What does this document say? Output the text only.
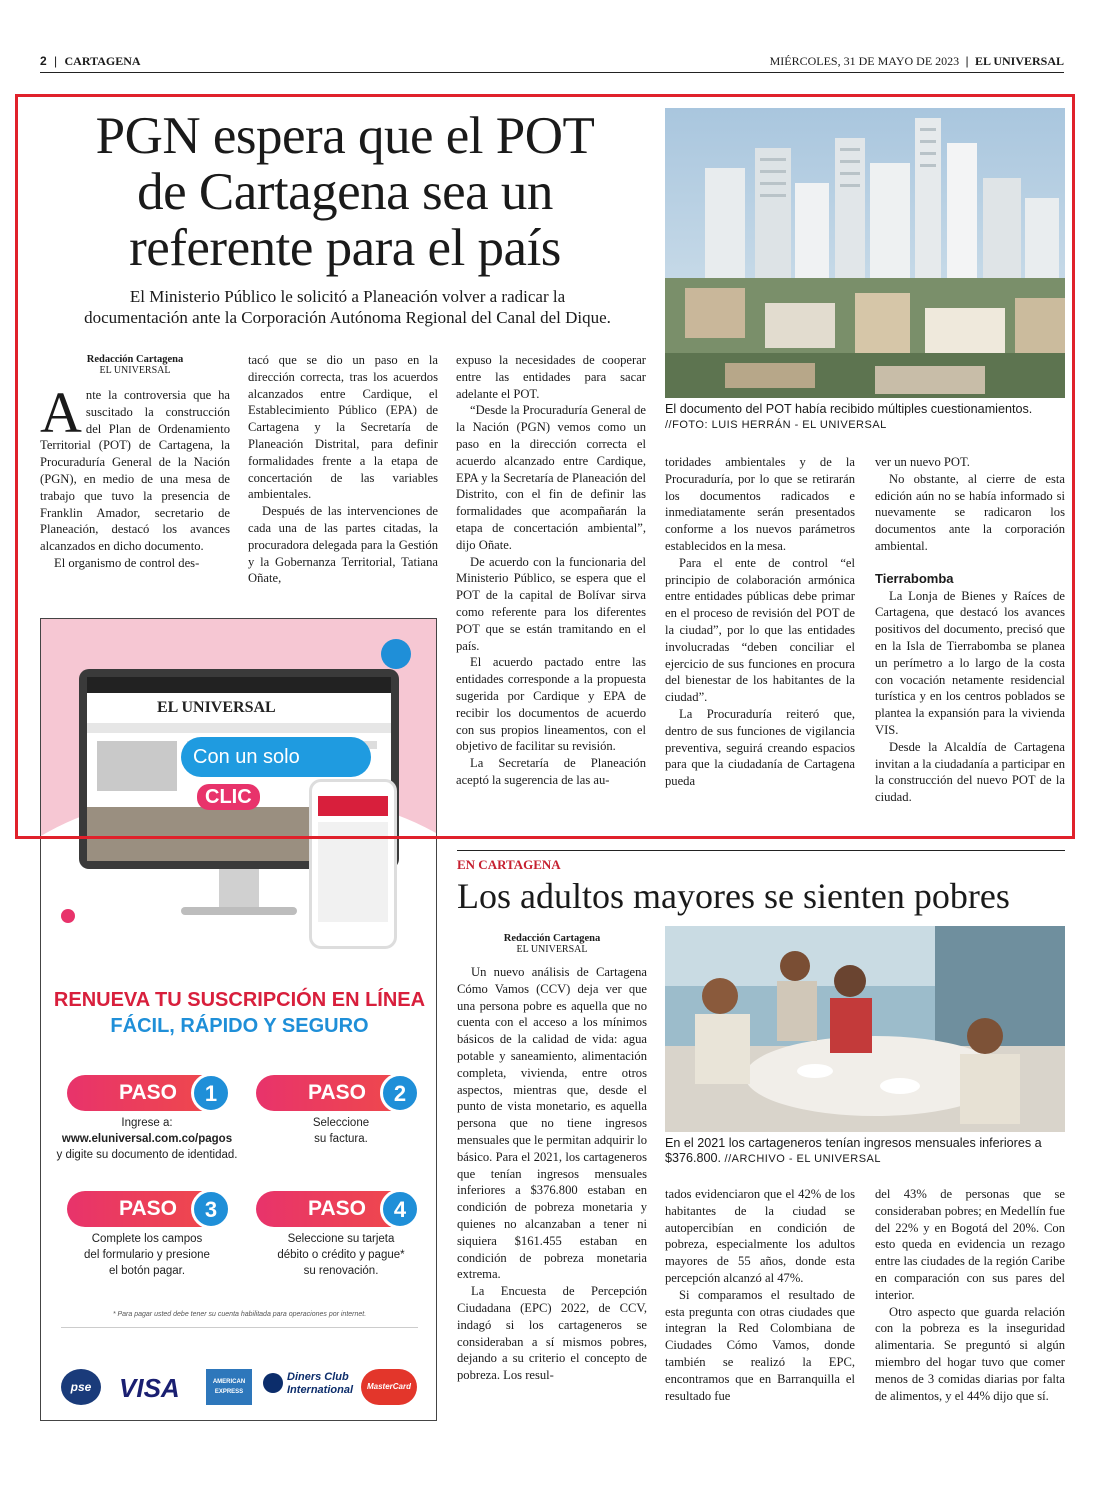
2 | CARTAGENA	MIÉRCOLES, 31 DE MAYO DE 2023 | EL UNIVERSAL
PGN espera que el POT
de Cartagena sea un
referente para el país
El Ministerio Público le solicitó a Planeación volver a radicar la
documentación ante la Corporación Autónoma Regional del Canal del Dique.
El documento del POT había recibido múltiples cuestionamientos.
//FOTO: LUIS HERRÁN - EL UNIVERSAL
Redacción Cartagena
EL UNIVERSAL

Ante la controversia que ha suscitado la construcción del Plan de Ordenamiento Territorial (POT) de Cartagena, la Procuraduría General de la Nación (PGN), en medio de una mesa de trabajo que tuvo la presencia de Franklin Amador, secretario de Planeación, destacó los avances alcanzados en dicho documento.

El organismo de control des-

tacó que se dio un paso en la dirección correcta, tras los acuerdos alcanzados entre Cardique, el Establecimiento Público (EPA) de Cartagena y la Secretaría de Planeación Distrital, para definir formalidades frente a la etapa de concertación de las variables ambientales.

Después de las intervenciones de cada una de las partes citadas, la procuradora delegada para la Gestión y la Gobernanza Territorial, Tatiana Oñate,

expuso la necesidades de cooperar entre las entidades para sacar adelante el POT.

“Desde la Procuraduría General de la Nación (PGN) vemos como un paso en la dirección correcta el acuerdo alcanzado entre Cardique, EPA y la Secretaría de Planeación del Distrito, con el fin de definir las formalidades que acompañarán la etapa de concertación ambiental”, dijo Oñate.

De acuerdo con la funcionaria del Ministerio Público, se espera que el POT de la capital de Bolívar sirva como referente para los diferentes POT que se están tramitando en el país.

El acuerdo pactado entre las entidades corresponde a la propuesta sugerida por Cardique y EPA de recibir los documentos de acuerdo con sus propios lineamentos, con el objetivo de facilitar su revisión.

La Secretaría de Planeación aceptó la sugerencia de las au-

toridades ambientales y de la Procuraduría, por lo que se retirarán los documentos radicados e inmediatamente serán presentados conforme a los nuevos parámetros establecidos en la mesa.

Para el ente de control “el principio de colaboración armónica entre entidades públicas debe primar en el proceso de revisión del POT de la ciudad”, por lo que las entidades involucradas “deben conciliar el ejercicio de sus funciones en procura del bienestar de los habitantes de la ciudad”.

La Procuraduría reiteró que, dentro de sus funciones de vigilancia preventiva, seguirá creando espacios para que la ciudadanía de Cartagena pueda

ver un nuevo POT.

No obstante, al cierre de esta edición aún no se había informado si nuevamente se radicaron los documentos ante la corporación ambiental.

Tierrabomba

La Lonja de Bienes y Raíces de Cartagena, que destacó los avances positivos del documento, precisó que en la Isla de Tierrabomba se planea un perímetro a lo largo de la costa con vocación netamente residencial turística y en los centros poblados se plantea la expansión para la vivienda VIS.

Desde la Alcaldía de Cartagena invitan a la ciudadanía a participar en la construcción del nuevo POT de la ciudad.

EL UNIVERSAL
Con un solo CLIC
RENUEVA TU SUSCRIPCIÓN EN LÍNEA
FÁCIL, RÁPIDO Y SEGURO
PASO	1	PASO	2
Ingrese a:
www.eluniversal.com.co/pagos
y digite su documento de identidad.
Seleccione
su factura.
PASO	3	PASO	4
Complete los campos
del formulario y presione
el botón pagar.
Seleccione su tarjeta
débito o crédito y pague*
su renovación.
* Para pagar usted debe tener su cuenta habilitada para operaciones por internet.
pse	VISA	AMERICAN EXPRESS
Diners Club International	MasterCard
EN CARTAGENA
Los adultos mayores se sienten pobres
Redacción Cartagena
EL UNIVERSAL

Un nuevo análisis de Cartagena Cómo Vamos (CCV) deja ver que una persona pobre es aquella que no cuenta con el acceso a los mínimos básicos de la calidad de vida: agua potable y saneamiento, alimentación completa, vivienda, entre otros aspectos, mientras que, desde el punto de vista monetario, es aquella persona que no tiene ingresos mensuales que le permitan adquirir lo básico. Para el 2021, los cartageneros que tenían ingresos mensuales inferiores a $376.800 estaban en condición de pobreza monetaria y quienes no alcanzaban a tener ni siquiera $161.455 estaban en condición de pobreza monetaria extrema.

La Encuesta de Percepción Ciudadana (EPC) 2022, de CCV, indagó si los cartageneros se consideraban a sí mismos pobres, dejando a su criterio el concepto de pobreza. Los resul-

En el 2021 los cartageneros tenían ingresos mensuales inferiores a
$376.800. //ARCHIVO - EL UNIVERSAL

tados evidenciaron que el 42% de los habitantes de la ciudad se autopercibían en condición de pobreza, especialmente los adultos mayores de 55 años, donde esta percepción alcanzó al 47%.

Si comparamos el resultado de esta pregunta con otras ciudades que integran la Red Colombiana de Ciudades Cómo Vamos, donde también se realizó la EPC, encontramos que en Barranquilla el resultado fue

del 43% de personas que se consideraban pobres; en Medellín fue del 22% y en Bogotá del 20%. Con esto queda en evidencia un rezago entre las ciudades de la región Caribe en comparación con sus pares del interior.

Otro aspecto que guarda relación con la pobreza es la inseguridad alimentaria. Se preguntó si algún miembro del hogar tuvo que comer menos de 3 comidas diarias por falta de alimentos, y el 44% dijo que sí.
